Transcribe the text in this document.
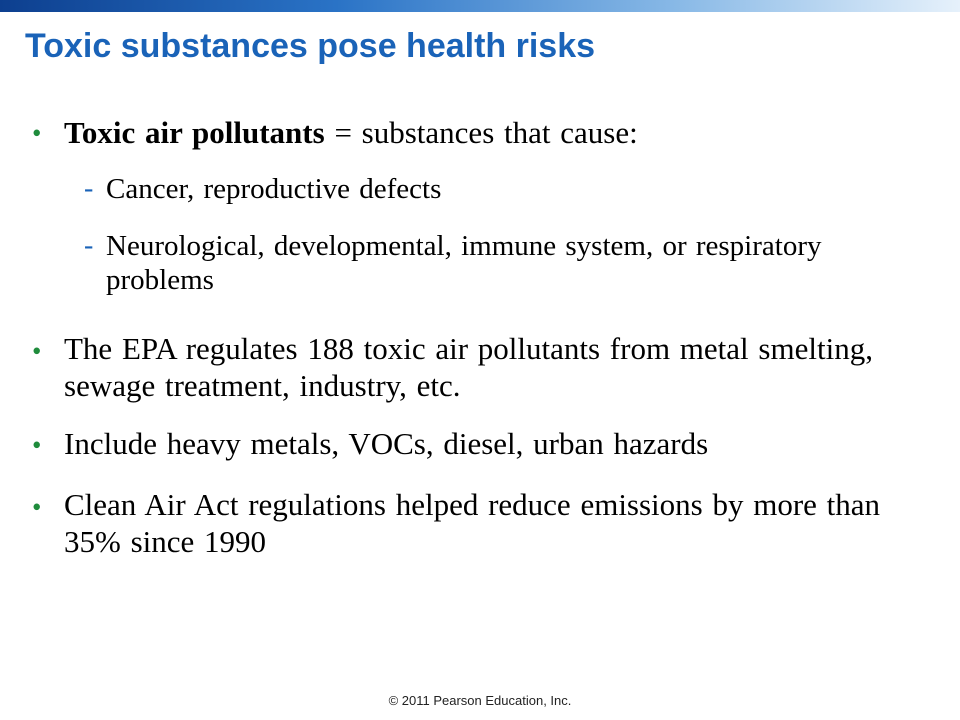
Toxic substances pose health risks
• Toxic air pollutants = substances that cause:

- Cancer, reproductive defects

- Neurological, developmental, immune system, or respiratory problems

• The EPA regulates 188 toxic air pollutants from metal smelting, sewage treatment, industry, etc.

• Include heavy metals, VOCs, diesel, urban hazards

• Clean Air Act regulations helped reduce emissions by more than 35% since 1990

© 2011 Pearson Education, Inc.
